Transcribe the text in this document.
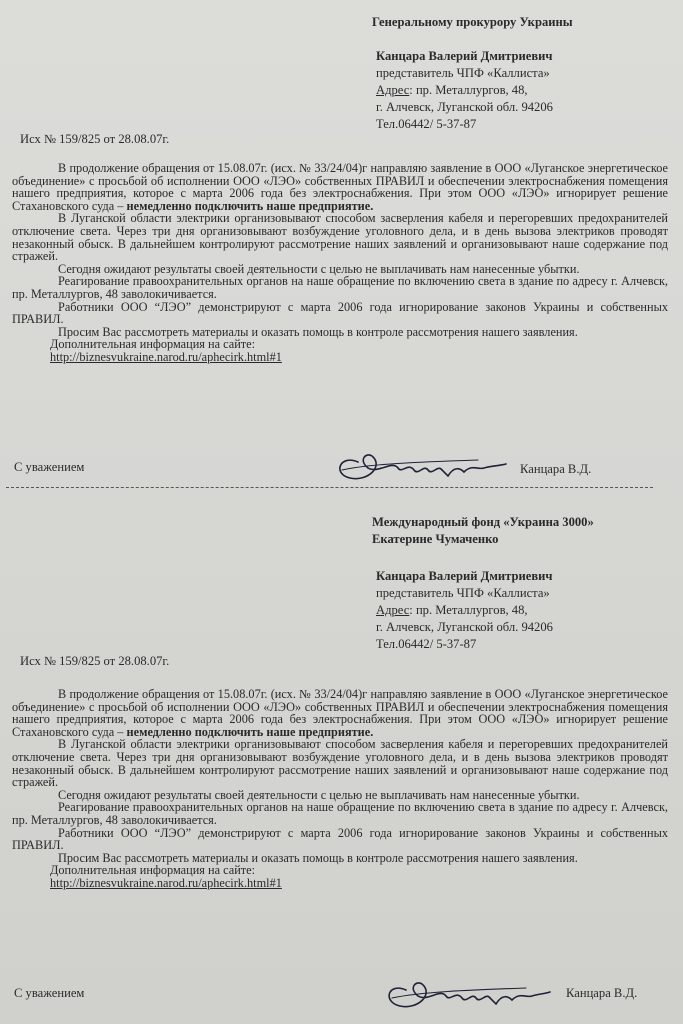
Генеральному прокурору Украины
Канцара Валерий Дмитриевич
представитель ЧПФ «Каллиста»
Адрес: пр. Металлургов, 48,
г. Алчевск, Луганской обл. 94206
Тел.06442/ 5-37-87
Исх № 159/825 от 28.08.07г.

В продолжение обращения от 15.08.07г. (исх. № 33/24/04)г направляю заявление в ООО «Луганское энергетическое объединение» с просьбой об исполнении ООО «ЛЭО» собственных ПРАВИЛ и обеспечении электроснабжения помещения нашего предприятия, которое с марта 2006 года без электроснабжения. При этом ООО «ЛЭО» игнорирует решение Стахановского суда – немедленно подключить наше предприятие.

В Луганской области электрики организовывают способом засверления кабеля и перегоревших предохранителей отключение света. Через три дня организовывают возбуждение уголовного дела, и в день вызова электриков проводят незаконный обыск. В дальнейшем контролируют рассмотрение наших заявлений и организовывают наше содержание под стражей.

Сегодня ожидают результаты своей деятельности с целью не выплачивать нам нанесенные убытки.

Реагирование правоохранительных органов на наше обращение по включению света в здание по адресу г. Алчевск, пр. Металлургов, 48 заволокичивается.

Работники ООО “ЛЭО” демонстрируют с марта 2006 года игнорирование законов Украины и собственных ПРАВИЛ.

Просим Вас рассмотреть материалы и оказать помощь в контроле рассмотрения нашего заявления.

Дополнительная информация на сайте:

http://biznesvukraine.narod.ru/aphecirk.html#1

С уважением	Канцара В.Д.
Международный фонд «Украина 3000»
Екатерине Чумаченко
Канцара Валерий Дмитриевич
представитель ЧПФ «Каллиста»
Адрес: пр. Металлургов, 48,
г. Алчевск, Луганской обл. 94206
Тел.06442/ 5-37-87
Исх № 159/825 от 28.08.07г.

В продолжение обращения от 15.08.07г. (исх. № 33/24/04)г направляю заявление в ООО «Луганское энергетическое объединение» с просьбой об исполнении ООО «ЛЭО» собственных ПРАВИЛ и обеспечении электроснабжения помещения нашего предприятия, которое с марта 2006 года без электроснабжения. При этом ООО «ЛЭО» игнорирует решение Стахановского суда – немедленно подключить наше предприятие.

В Луганской области электрики организовывают способом засверления кабеля и перегоревших предохранителей отключение света. Через три дня организовывают возбуждение уголовного дела, и в день вызова электриков проводят незаконный обыск. В дальнейшем контролируют рассмотрение наших заявлений и организовывают наше содержание под стражей.

Сегодня ожидают результаты своей деятельности с целью не выплачивать нам нанесенные убытки.

Реагирование правоохранительных органов на наше обращение по включению света в здание по адресу г. Алчевск, пр. Металлургов, 48 заволокичивается.

Работники ООО “ЛЭО” демонстрируют с марта 2006 года игнорирование законов Украины и собственных ПРАВИЛ.

Просим Вас рассмотреть материалы и оказать помощь в контроле рассмотрения нашего заявления.

Дополнительная информация на сайте:

http://biznesvukraine.narod.ru/aphecirk.html#1

С уважением	Канцара В.Д.
